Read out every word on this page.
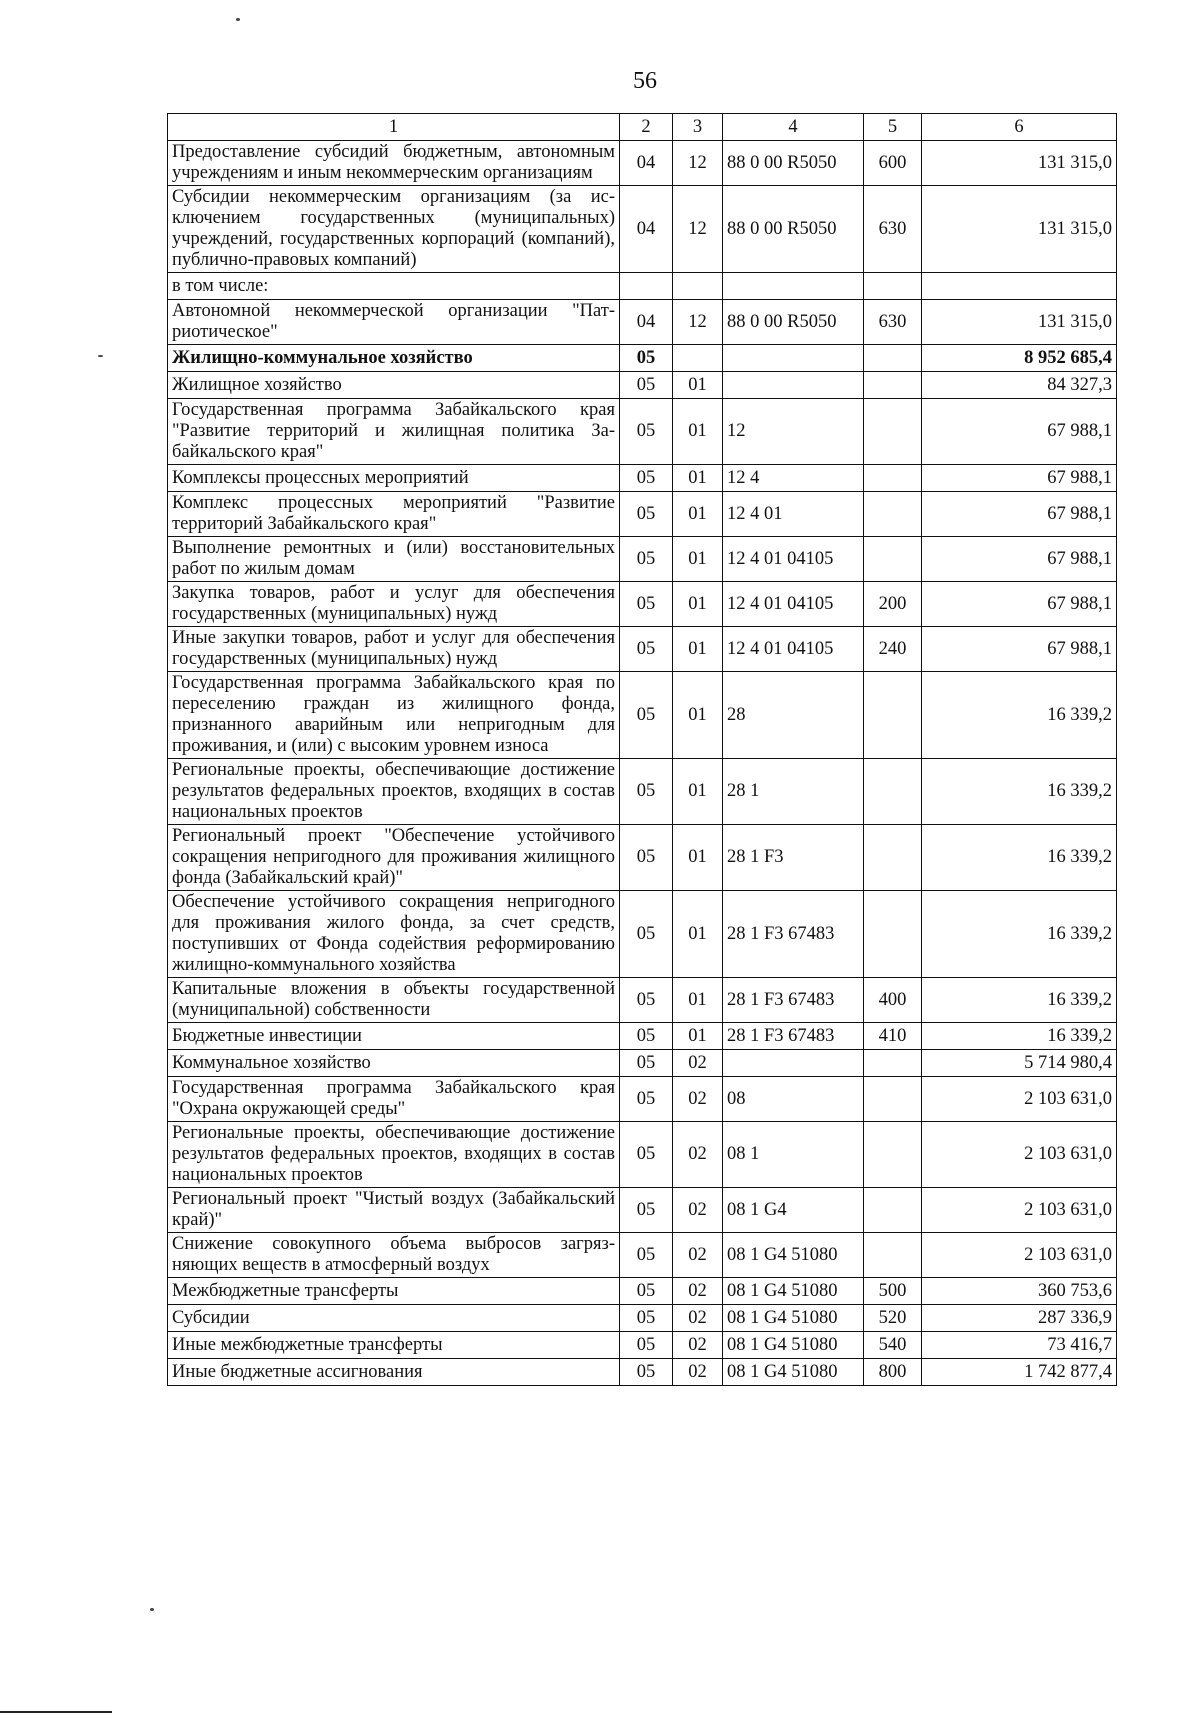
56
1	2	3	4	5	6
Предоставление субсидий бюджетным, автономным учреждениям и иным некоммерческим организациям	04	12	88 0 00 R5050	600	131 315,0
Субсидии некоммерческим организациям (за исключением государственных (муниципальных) учреждений, государственных корпораций (компаний), публично-правовых компаний)	04	12	88 0 00 R5050	630	131 315,0
в том числе:					
Автономной некоммерческой организации "Патриотическое"	04	12	88 0 00 R5050	630	131 315,0
Жилищно-коммунальное хозяйство	05				8 952 685,4
Жилищное хозяйство	05	01			84 327,3
Государственная программа Забайкальского края "Развитие территорий и жилищная политика Забайкальского края"	05	01	12		67 988,1
Комплексы процессных мероприятий	05	01	12 4		67 988,1
Комплекс процессных мероприятий "Развитие территорий Забайкальского края"	05	01	12 4 01		67 988,1
Выполнение ремонтных и (или) восстановительных работ по жилым домам	05	01	12 4 01 04105		67 988,1
Закупка товаров, работ и услуг для обеспечения государственных (муниципальных) нужд	05	01	12 4 01 04105	200	67 988,1
Иные закупки товаров, работ и услуг для обеспечения государственных (муниципальных) нужд	05	01	12 4 01 04105	240	67 988,1
Государственная программа Забайкальского края по переселению граждан из жилищного фонда, признанного аварийным или непригодным для проживания, и (или) с высоким уровнем износа	05	01	28		16 339,2
Региональные проекты, обеспечивающие достижение результатов федеральных проектов, входящих в состав национальных проектов	05	01	28 1		16 339,2
Региональный проект "Обеспечение устойчивого сокращения непригодного для проживания жилищного фонда (Забайкальский край)"	05	01	28 1 F3		16 339,2
Обеспечение устойчивого сокращения непригодного для проживания жилого фонда, за счет средств, поступивших от Фонда содействия реформированию жилищно-коммунального хозяйства	05	01	28 1 F3 67483		16 339,2
Капитальные вложения в объекты государственной (муниципальной) собственности	05	01	28 1 F3 67483	400	16 339,2
Бюджетные инвестиции	05	01	28 1 F3 67483	410	16 339,2
Коммунальное хозяйство	05	02			5 714 980,4
Государственная программа Забайкальского края "Охрана окружающей среды"	05	02	08		2 103 631,0
Региональные проекты, обеспечивающие достижение результатов федеральных проектов, входящих в состав национальных проектов	05	02	08 1		2 103 631,0
Региональный проект "Чистый воздух (Забайкальский край)"	05	02	08 1 G4		2 103 631,0
Снижение совокупного объема выбросов загрязняющих веществ в атмосферный воздух	05	02	08 1 G4 51080		2 103 631,0
Межбюджетные трансферты	05	02	08 1 G4 51080	500	360 753,6
Субсидии	05	02	08 1 G4 51080	520	287 336,9
Иные межбюджетные трансферты	05	02	08 1 G4 51080	540	73 416,7
Иные бюджетные ассигнования	05	02	08 1 G4 51080	800	1 742 877,4
